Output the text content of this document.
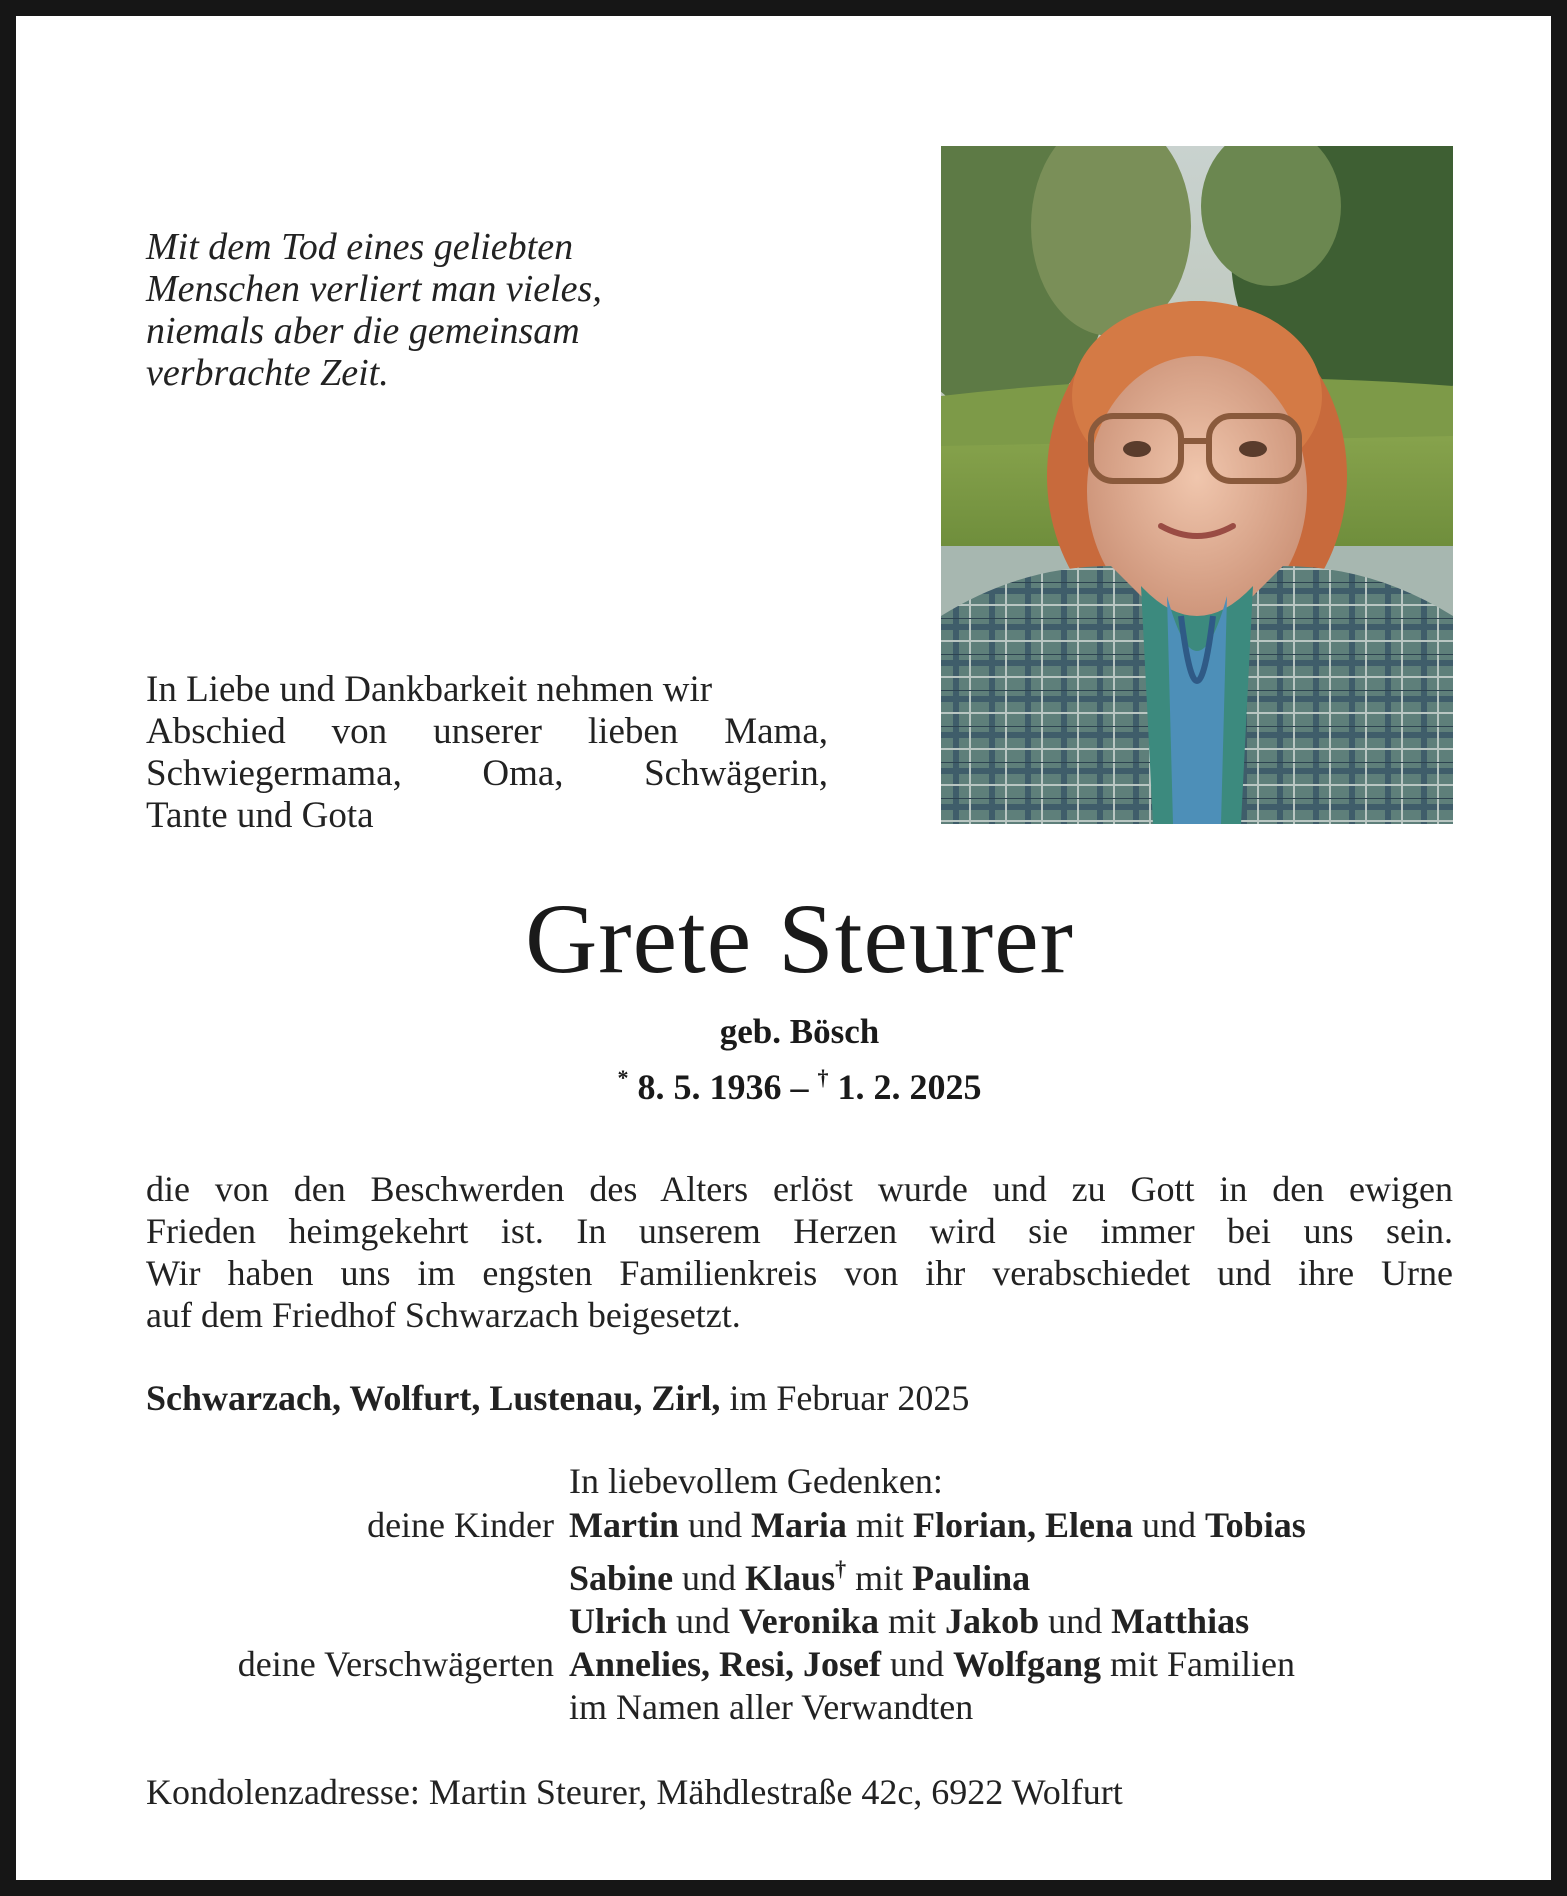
Mit dem Tod eines geliebten
Menschen verliert man vieles,
niemals aber die gemeinsam
verbrachte Zeit.
In Liebe und Dankbarkeit nehmen wir
Abschied von unserer lieben Mama,
Schwiegermama, Oma, Schwägerin,
Tante und Gota
Grete Steurer
geb. Bösch
* 8. 5. 1936 – † 1. 2. 2025
die von den Beschwerden des Alters erlöst wurde und zu Gott in den ewigen
Frieden heimgekehrt ist. In unserem Herzen wird sie immer bei uns sein.
Wir haben uns im engsten Familienkreis von ihr verabschiedet und ihre Urne
auf dem Friedhof Schwarzach beigesetzt.
Schwarzach, Wolfurt, Lustenau, Zirl, im Februar 2025
In liebevollem Gedenken:
deine Kinder Martin und Maria mit Florian, Elena und Tobias
Sabine und Klaus† mit Paulina
Ulrich und Veronika mit Jakob und Matthias
deine Verschwägerten Annelies, Resi, Josef und Wolfgang mit Familien
im Namen aller Verwandten
Kondolenzadresse: Martin Steurer, Mähdlestraße 42c, 6922 Wolfurt
